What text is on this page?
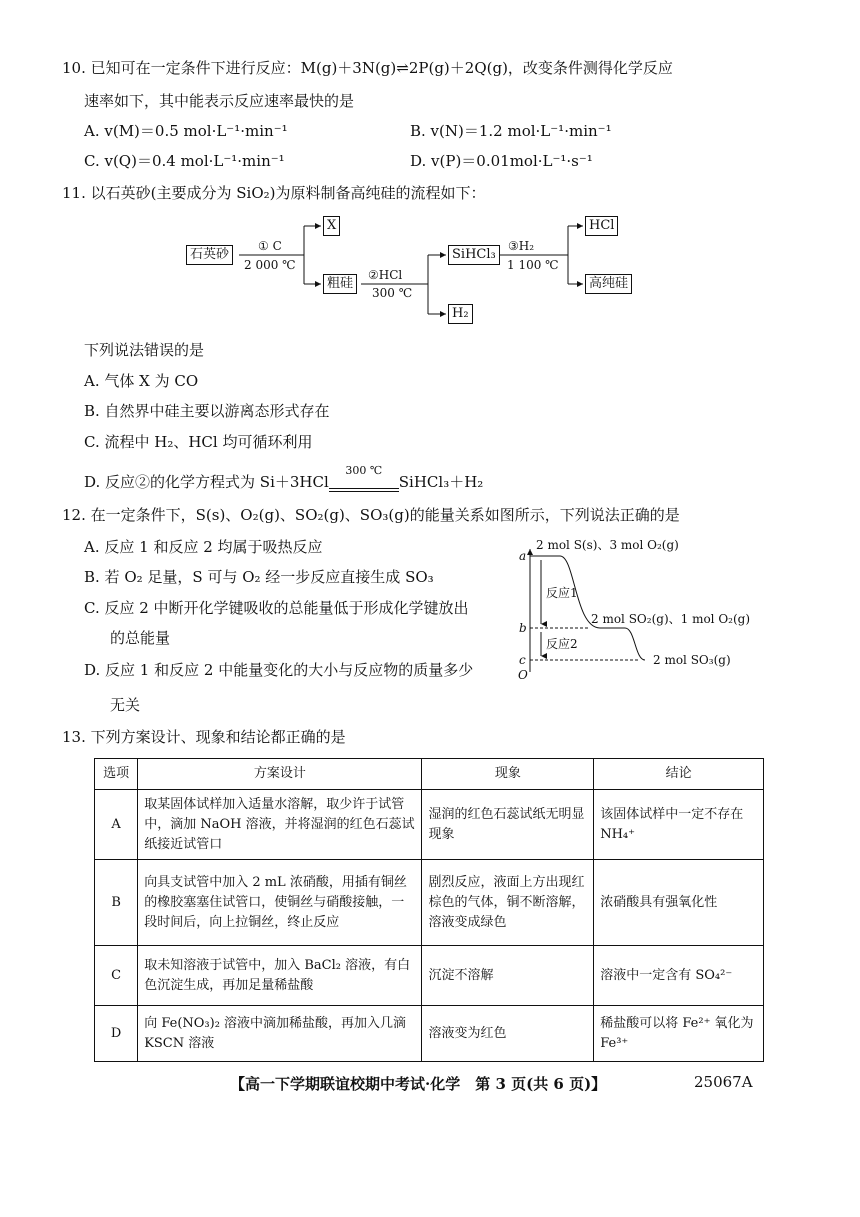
10. 已知可在一定条件下进行反应：M(g)＋3N(g)⇌2P(g)＋2Q(g)，改变条件测得化学反应
速率如下，其中能表示反应速率最快的是
A. v(M)＝0.5 mol·L⁻¹·min⁻¹	B. v(N)＝1.2 mol·L⁻¹·min⁻¹
C. v(Q)＝0.4 mol·L⁻¹·min⁻¹	D. v(P)＝0.01mol·L⁻¹·s⁻¹
11. 以石英砂(主要成分为 SiO₂)为原料制备高纯硅的流程如下：
石英砂
① C
2 000 ℃
X
粗硅
②HCl
300 ℃
H₂
SiHCl₃
③H₂
1 100 ℃
HCl
高纯硅
下列说法错误的是
A. 气体 X 为 CO
B. 自然界中硅主要以游离态形式存在
C. 流程中 H₂、HCl 均可循环利用
D. 反应②的化学方程式为 Si＋3HCl
300 ℃
SiHCl₃＋H₂
12. 在一定条件下，S(s)、O₂(g)、SO₂(g)、SO₃(g)的能量关系如图所示，下列说法正确的是
A. 反应 1 和反应 2 均属于吸热反应
B. 若 O₂ 足量，S 可与 O₂ 经一步反应直接生成 SO₃
C. 反应 2 中断开化学键吸收的总能量低于形成化学键放出
的总能量
D. 反应 1 和反应 2 中能量变化的大小与反应物的质量多少
无关
2 mol S(s)、3 mol O₂(g)
2 mol SO₂(g)、1 mol O₂(g)
2 mol SO₃(g)
反应1
反应2
a
b
c
O
13. 下列方案设计、现象和结论都正确的是
选项	方案设计	现象	结论
A	取某固体试样加入适量水溶解，取少许于试管中，滴加 NaOH 溶液，并将湿润的红色石蕊试纸接近试管口	湿润的红色石蕊试纸无明显现象	该固体试样中一定不存在 NH₄⁺
B	向具支试管中加入 2 mL 浓硝酸，用插有铜丝的橡胶塞塞住试管口，使铜丝与硝酸接触，一段时间后，向上拉铜丝，终止反应	剧烈反应，液面上方出现红棕色的气体，铜不断溶解，溶液变成绿色	浓硝酸具有强氧化性
C	取未知溶液于试管中，加入 BaCl₂ 溶液，有白色沉淀生成，再加足量稀盐酸	沉淀不溶解	溶液中一定含有 SO₄²⁻
D	向 Fe(NO₃)₂ 溶液中滴加稀盐酸，再加入几滴 KSCN 溶液	溶液变为红色	稀盐酸可以将 Fe²⁺ 氧化为 Fe³⁺
【高一下学期联谊校期中考试·化学　第 3 页(共 6 页)】	25067A
